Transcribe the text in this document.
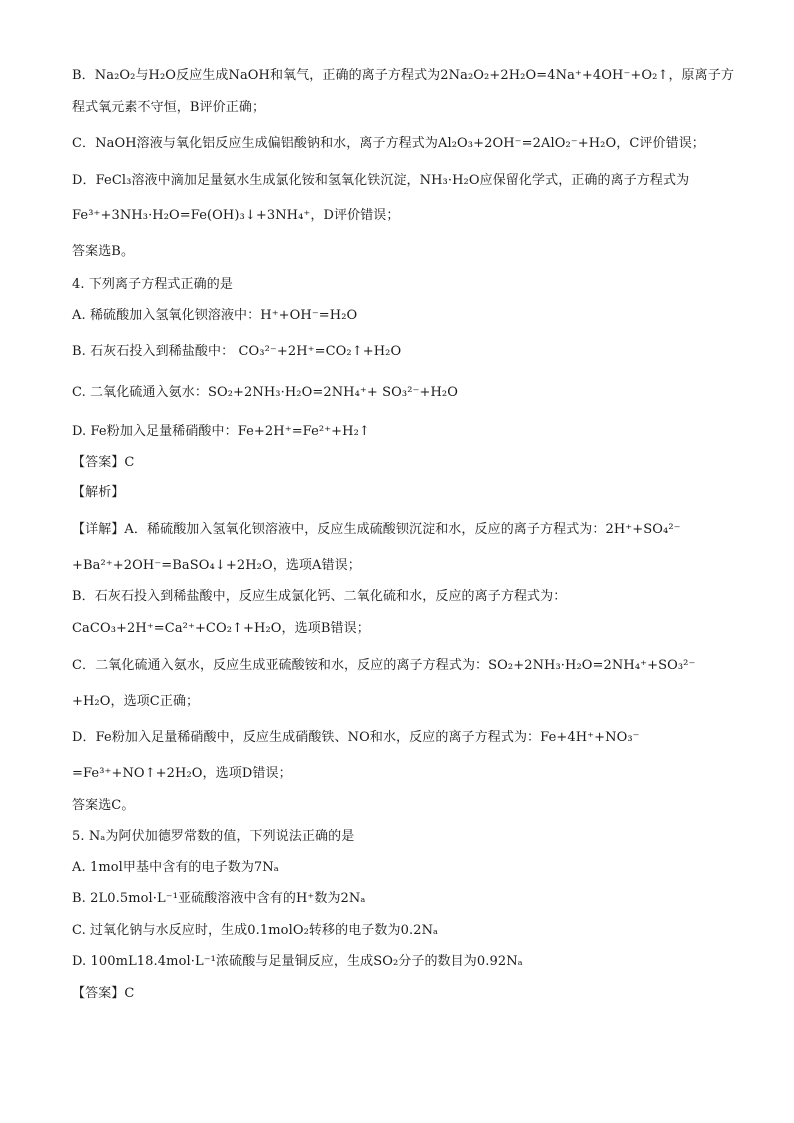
B．Na₂O₂与H₂O反应生成NaOH和氧气，正确的离子方程式为2Na₂O₂+2H₂O=4Na⁺+4OH⁻+O₂↑，原离子方
程式氧元素不守恒，B评价正确；
C．NaOH溶液与氧化铝反应生成偏铝酸钠和水，离子方程式为Al₂O₃+2OH⁻=2AlO₂⁻+H₂O，C评价错误；
D．FeCl₃溶液中滴加足量氨水生成氯化铵和氢氧化铁沉淀，NH₃·H₂O应保留化学式，正确的离子方程式为
Fe³⁺+3NH₃·H₂O=Fe(OH)₃↓+3NH₄⁺，D评价错误；
答案选B。
4. 下列离子方程式正确的是
A. 稀硫酸加入氢氧化钡溶液中：H⁺+OH⁻=H₂O
B. 石灰石投入到稀盐酸中： CO₃²⁻+2H⁺=CO₂↑+H₂O
C. 二氧化硫通入氨水：SO₂+2NH₃·H₂O=2NH₄⁺+ SO₃²⁻+H₂O
D. Fe粉加入足量稀硝酸中：Fe+2H⁺=Fe²⁺+H₂↑
【答案】C
【解析】
【详解】A．稀硫酸加入氢氧化钡溶液中，反应生成硫酸钡沉淀和水，反应的离子方程式为：2H⁺+SO₄²⁻
+Ba²⁺+2OH⁻=BaSO₄↓+2H₂O，选项A错误；
B．石灰石投入到稀盐酸中，反应生成氯化钙、二氧化硫和水，反应的离子方程式为：
CaCO₃+2H⁺=Ca²⁺+CO₂↑+H₂O，选项B错误；
C．二氧化硫通入氨水，反应生成亚硫酸铵和水，反应的离子方程式为：SO₂+2NH₃·H₂O=2NH₄⁺+SO₃²⁻
+H₂O，选项C正确；
D．Fe粉加入足量稀硝酸中，反应生成硝酸铁、NO和水，反应的离子方程式为：Fe+4H⁺+NO₃⁻
=Fe³⁺+NO↑+2H₂O，选项D错误；
答案选C。
5. Nₐ为阿伏加德罗常数的值，下列说法正确的是
A. 1mol甲基中含有的电子数为7Nₐ
B. 2L0.5mol·L⁻¹亚硫酸溶液中含有的H⁺数为2Nₐ
C. 过氧化钠与水反应时，生成0.1molO₂转移的电子数为0.2Nₐ
D. 100mL18.4mol·L⁻¹浓硫酸与足量铜反应，生成SO₂分子的数目为0.92Nₐ
【答案】C
